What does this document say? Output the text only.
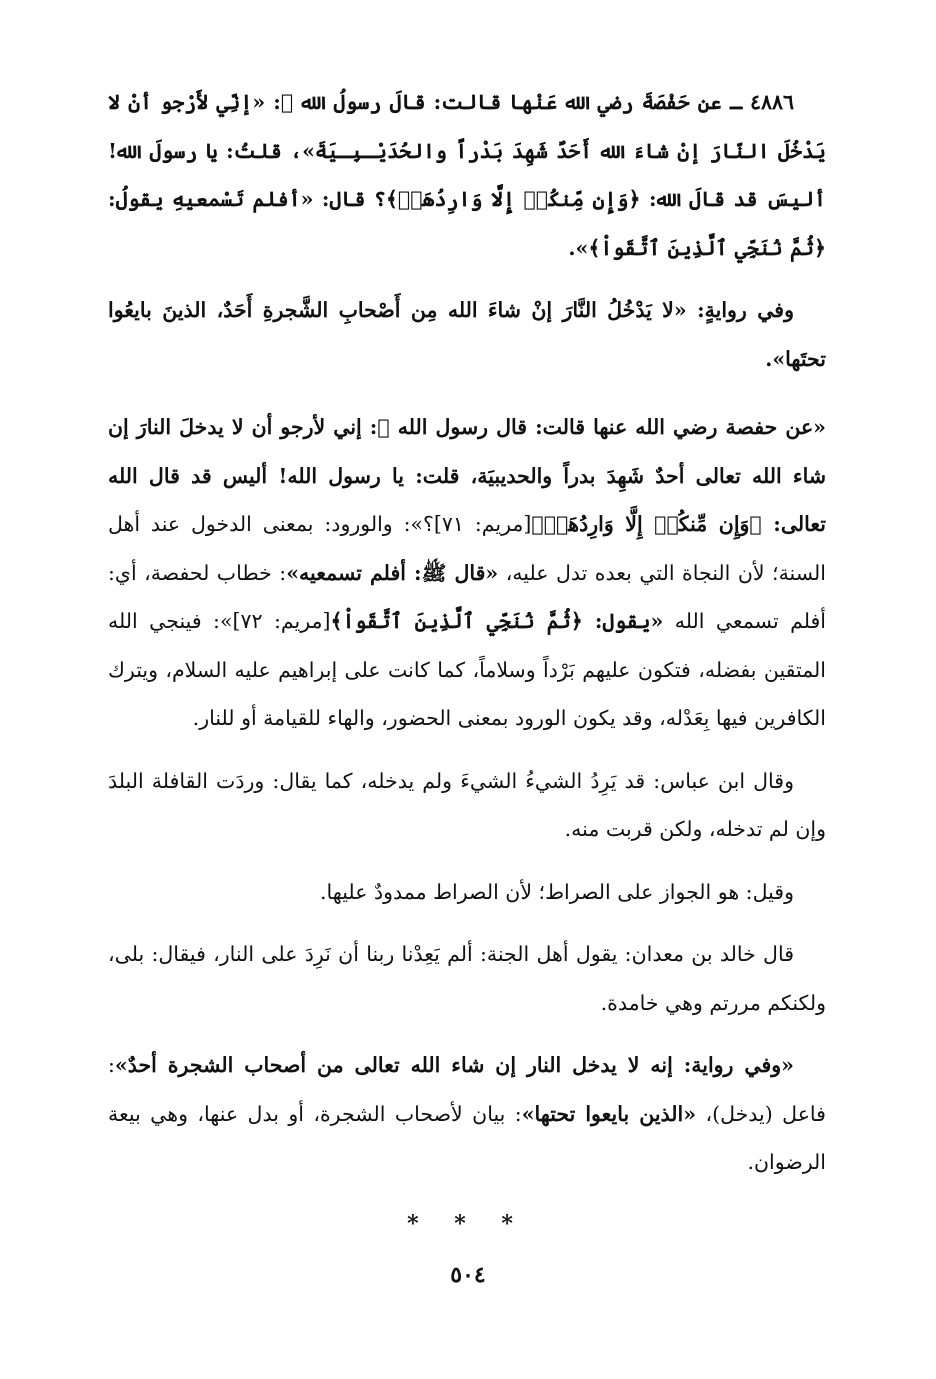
٤٨٨٦ ـ عن حَفْصَةَ رضي الله عَنْها قالت: قالَ رسولُ الله ﷺ: «إنِّي لأَرْجو أنْ لا يَدْخُلَ النّارَ إنْ شاءَ الله أَحَدٌ شَهِدَ بَدْراً والحُدَيْـبِـيَةَ»، قلتُ: يا رسولَ الله! أليسَ قد قالَ الله: ﴿وَإِن مِّنكُمۡ إِلَّا وَارِدُهَاۚ﴾؟ قال: «أفلم تَسْمعيهِ يقولُ: ﴿ثُمَّ نُنَجِّي ٱلَّذِينَ ٱتَّقَواْ﴾».

وفي روايةٍ: «لا يَدْخُلُ النَّارَ إنْ شاءَ الله مِن أَصْحابِ الشَّجرةِ أَحَدٌ، الذينَ بايعُوا تحتَها».

«عن حفصة رضي الله عنها قالت: قال رسول الله ﷺ: إني لأرجو أن لا يدخلَ النارَ إن شاء الله تعالى أحدٌ شَهِدَ بدراً والحديبيَة، قلت: يا رسول الله! أليس قد قال الله تعالى: ﴿وَإِن مِّنكُمۡ إِلَّا وَارِدُهَاۚ﴾[مريم: ٧١]؟»: والورود: بمعنى الدخول عند أهل السنة؛ لأن النجاة التي بعده تدل عليه، «قال ﷺ: أفلم تسمعيه»: خطاب لحفصة، أي: أفلم تسمعي الله «يقول: ﴿ثُمَّ نُنَجِّي ٱلَّذِينَ ٱتَّقَواْ﴾[مريم: ٧٢]»: فينجي الله المتقين بفضله، فتكون عليهم بَرْداً وسلاماً، كما كانت على إبراهيم عليه السلام، ويترك الكافرين فيها بِعَدْله، وقد يكون الورود بمعنى الحضور، والهاء للقيامة أو للنار.

وقال ابن عباس: قد يَرِدُ الشيءُ الشيءَ ولم يدخله، كما يقال: وردَت القافلة البلدَ وإن لم تدخله، ولكن قربت منه.

وقيل: هو الجواز على الصراط؛ لأن الصراط ممدودٌ عليها.

قال خالد بن معدان: يقول أهل الجنة: ألم يَعِدْنا ربنا أن نَرِدَ على النار، فيقال: بلى، ولكنكم مررتم وهي خامدة.

«وفي رواية: إنه لا يدخل النار إن شاء الله تعالى من أصحاب الشجرة أحدٌ»: فاعل (يدخل)، «الذين بايعوا تحتها»: بيان لأصحاب الشجرة، أو بدل عنها، وهي بيعة الرضوان.

* * *
٥٠٤
